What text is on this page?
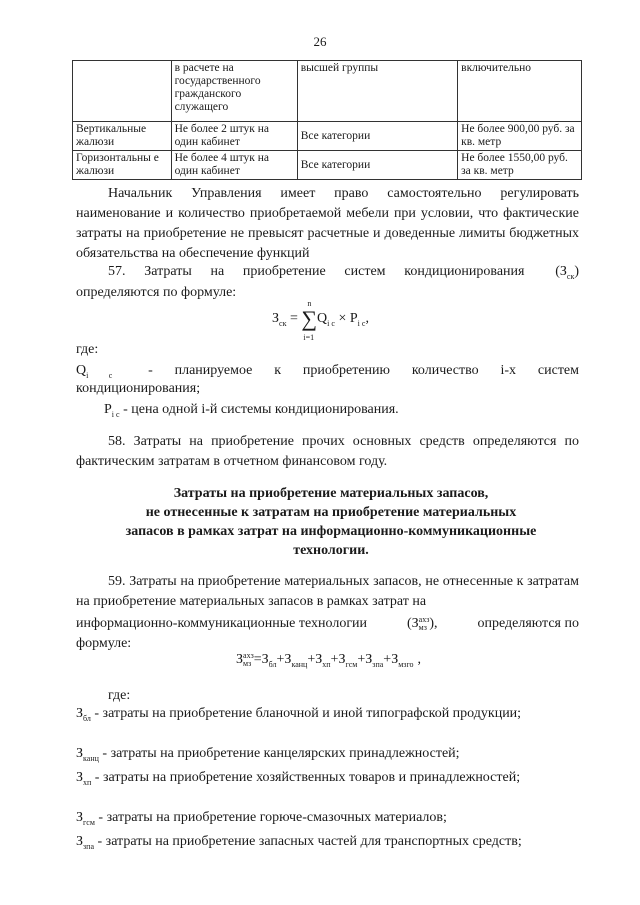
26
	в расчете на государственного гражданского служащего	высшей группы	включительно
Вертикальные жалюзи	Не более 2 штук на один кабинет	Все категории	Не более 900,00 руб. за кв. метр
Горизонтальны е жалюзи	Не более 4 штук на один кабинет	Все категории	Не более 1550,00 руб. за кв. метр

Начальник Управления имеет право самостоятельно регулировать наименование и количество приобретаемой мебели при условии, что фактические затраты на приобретение не превысят расчетные и доведенные лимиты бюджетных обязательства на обеспечение функций

57. Затраты на приобретение систем кондиционирования $(З_{ск})$

определяются по формуле:

$З_{ск}$ = ∑
n
i=1
$Q_{i с} \times P_{i с}$,

где:

$Q_{i с}$	- планируемое к приобретению количество i-х систем

кондиционирования;

$P_{i с}$ - цена одной i-й системы кондиционирования.

58. Затраты на приобретение прочих основных средств определяются по фактическим затратам в отчетном финансовом году.

Затраты на приобретение материальных запасов,
не отнесенные к затратам на приобретение материальных
запасов в рамках затрат на информационно-коммуникационные
технологии.

59. Затраты на приобретение материальных запасов, не отнесенные к затратам на приобретение материальных запасов в рамках затрат на

информационно-коммуникационные технологии	(З axз
мз ),	определяются по

формуле:

З axз
мз $=З_{бл}+З_{канц}+З_{хп}+З_{гсм}+З_{зпа}+З_{мзго}$ ,

где:

$З_{бл}$ - затраты на приобретение бланочной и иной типографской продукции;

$З_{канц}$ - затраты на приобретение канцелярских принадлежностей;

$З_{хп}$ - затраты на приобретение хозяйственных товаров и принадлежностей;

$З_{гсм}$ - затраты на приобретение горюче-смазочных материалов;

$З_{зпа}$ - затраты на приобретение запасных частей для транспортных средств;
